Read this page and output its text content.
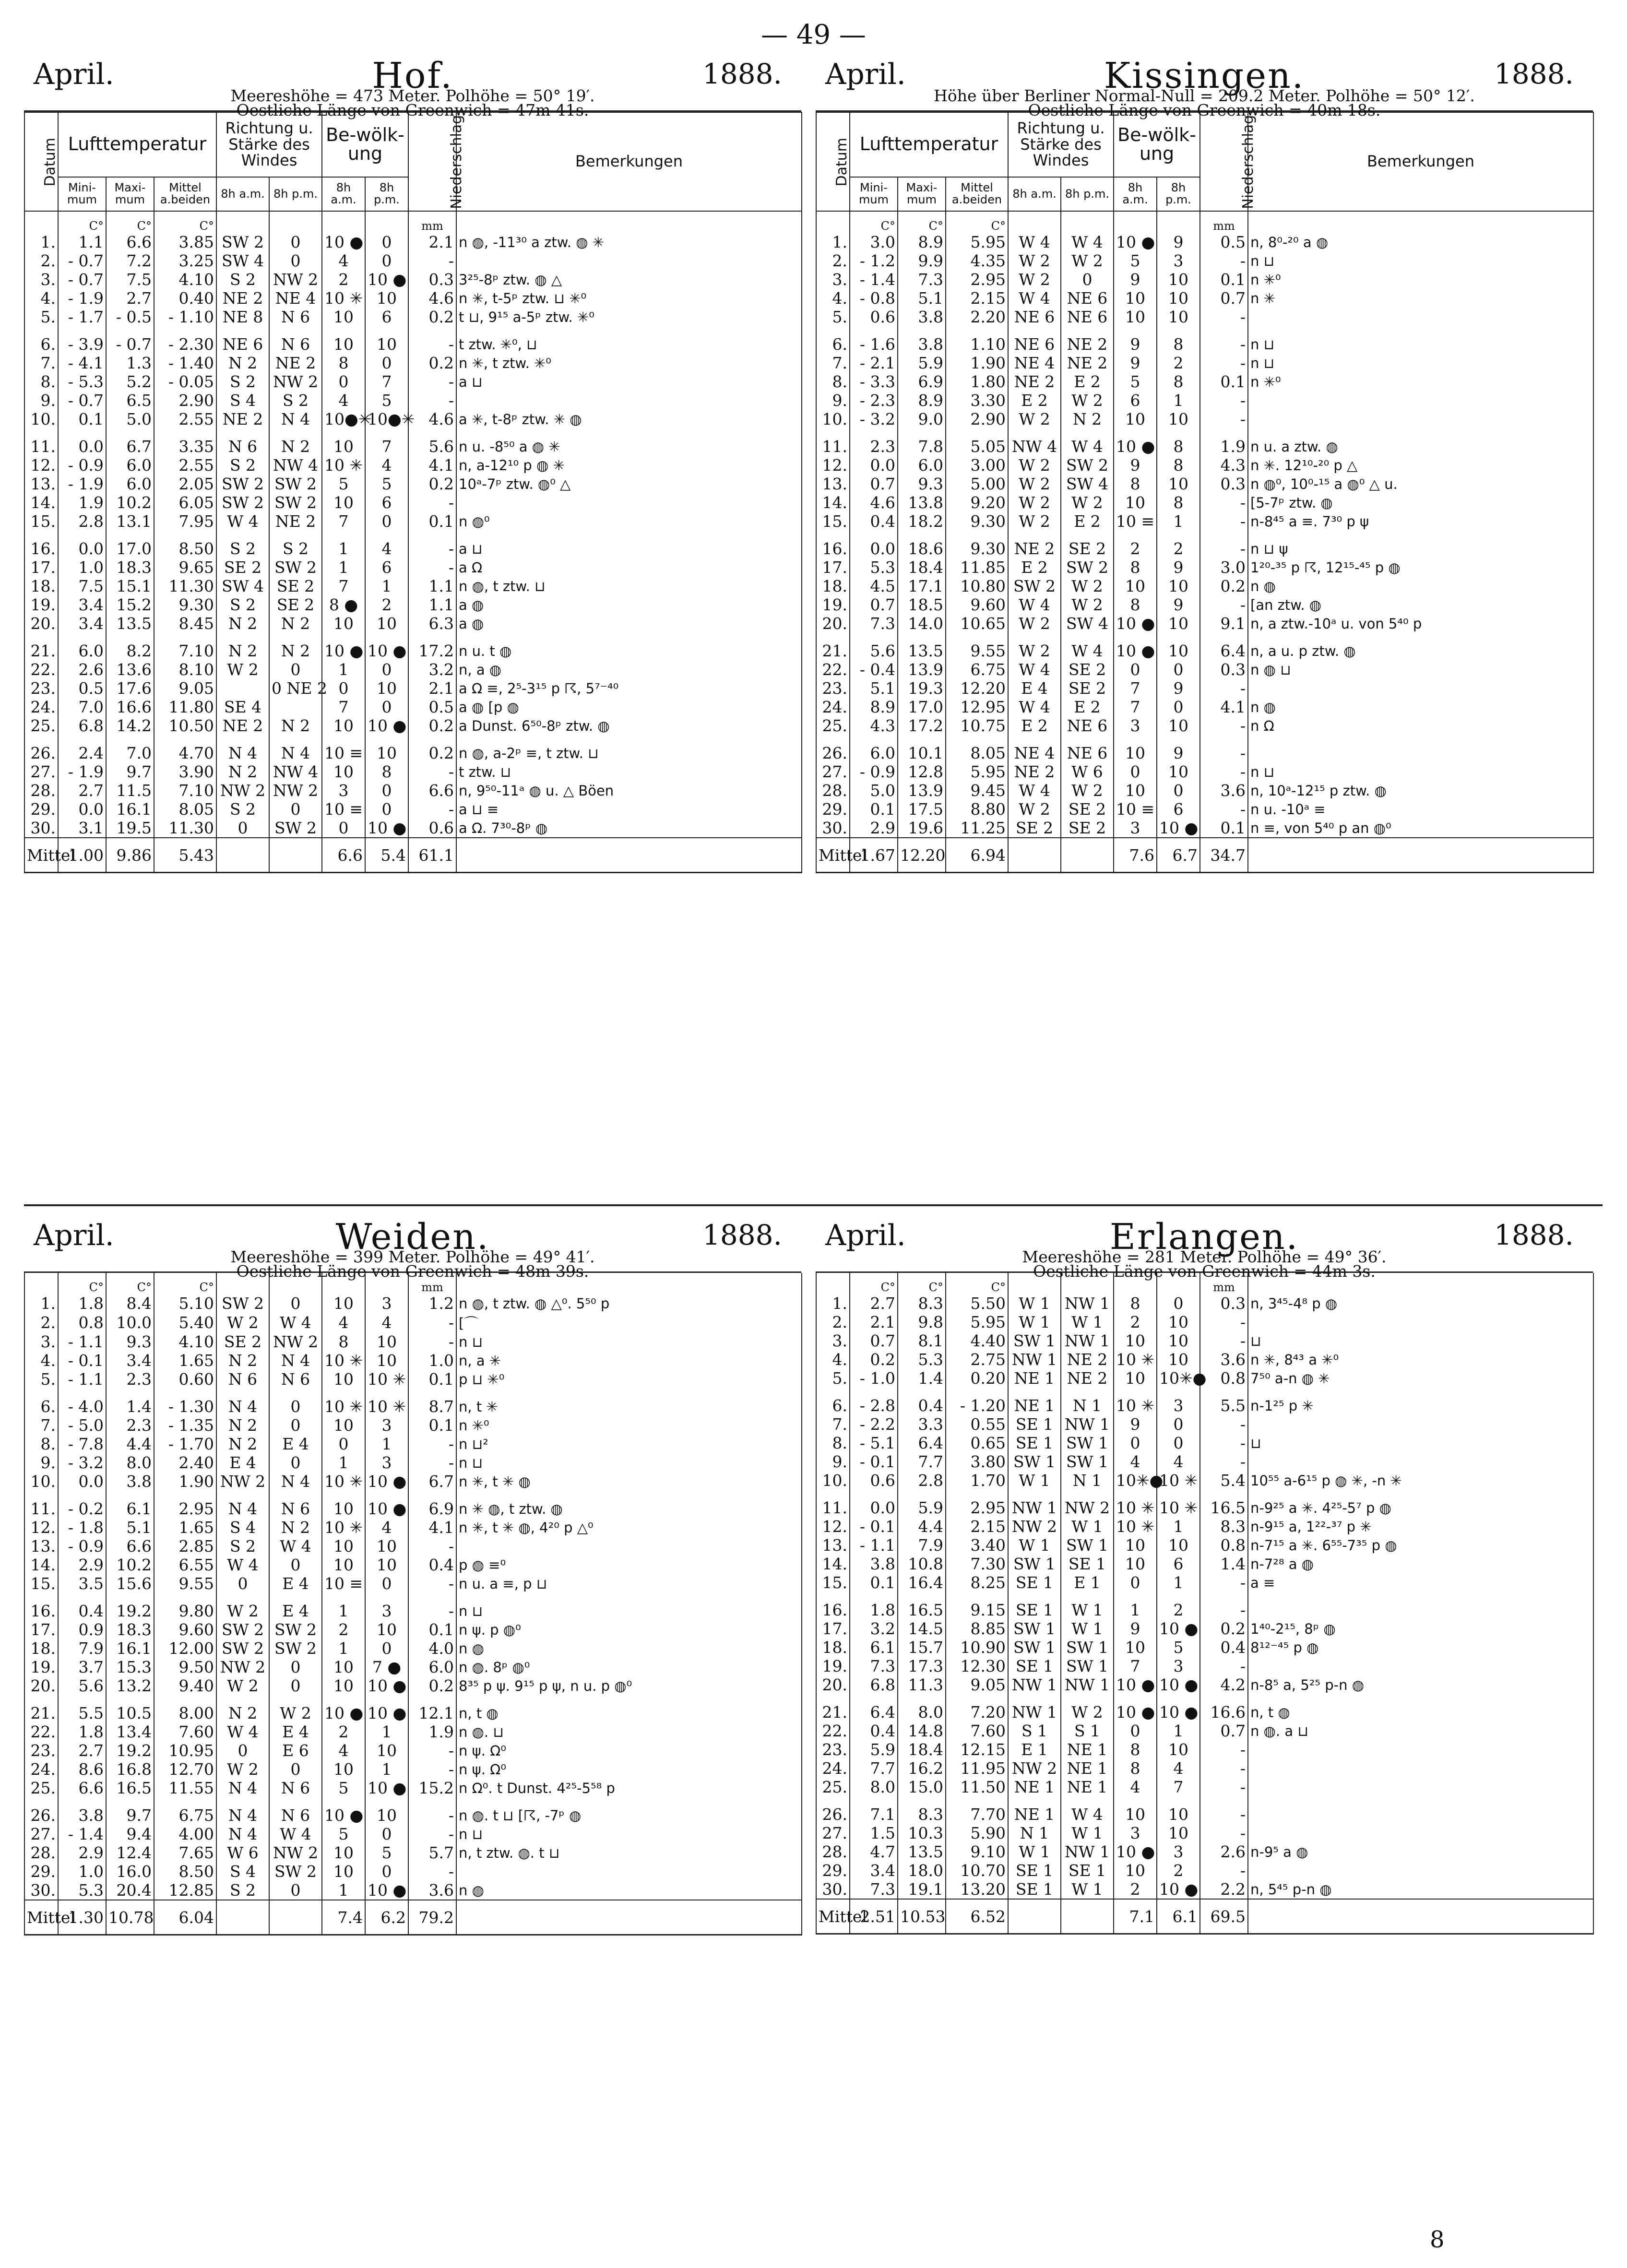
— 49 —
April.	Hof.	1888.
Meereshöhe = 473 Meter. Polhöhe = 50° 19′.
Oestliche Länge von Greenwich = 47m 41s.
Datum	Lufttemperatur			Richtung u. Stärke des Windes		Be-wölk-ung		Niederschlag	Bemerkungen
	Mini-mum	Maxi-mum	Mittel a.beiden	8h a.m.	8h p.m.	8h a.m.	8h p.m.		
	C°	C°	C°					mm	
1.	1.1	6.6	3.85	SW 2	0	10 ●	0	2.1	n ◍, -11³⁰ a ztw. ◍ ✳
2.	- 0.7	7.2	3.25	SW 4	0	4	0	-	
3.	- 0.7	7.5	4.10	S 2	NW 2	2	10 ●	0.3	3²⁵-8ᵖ ztw. ◍ △
4.	- 1.9	2.7	0.40	NE 2	NE 4	10 ✳	10	4.6	n ✳, t-5ᵖ ztw. ⊔ ✳⁰
5.	- 1.7	- 0.5	- 1.10	NE 8	N 6	10	6	0.2	t ⊔, 9¹⁵ a-5ᵖ ztw. ✳⁰

6.	- 3.9	- 0.7	- 2.30	NE 6	N 6	10	10	-	t ztw. ✳⁰, ⊔
7.	- 4.1	1.3	- 1.40	N 2	NE 2	8	0	0.2	n ✳, t ztw. ✳⁰
8.	- 5.3	5.2	- 0.05	S 2	NW 2	0	7	-	a ⊔
9.	- 0.7	6.5	2.90	S 4	S 2	4	5	-	
10.	0.1	5.0	2.55	NE 2	N 4	10●✳	10●✳	4.6	a ✳, t-8ᵖ ztw. ✳ ◍

11.	0.0	6.7	3.35	N 6	N 2	10	7	5.6	n u. -8⁵⁰ a ◍ ✳
12.	- 0.9	6.0	2.55	S 2	NW 4	10 ✳	4	4.1	n, a-12¹⁰ p ◍ ✳
13.	- 1.9	6.0	2.05	SW 2	SW 2	5	5	0.2	10ᵃ-7ᵖ ztw. ◍⁰ △
14.	1.9	10.2	6.05	SW 2	SW 2	10	6	-	
15.	2.8	13.1	7.95	W 4	NE 2	7	0	0.1	n ◍⁰

16.	0.0	17.0	8.50	S 2	S 2	1	4	-	a ⊔
17.	1.0	18.3	9.65	SE 2	SW 2	1	6	-	a Ω
18.	7.5	15.1	11.30	SW 4	SE 2	7	1	1.1	n ◍, t ztw. ⊔
19.	3.4	15.2	9.30	S 2	SE 2	8 ●	2	1.1	a ◍
20.	3.4	13.5	8.45	N 2	N 2	10	10	6.3	a ◍

21.	6.0	8.2	7.10	N 2	N 2	10 ●	10 ●	17.2	n u. t ◍
22.	2.6	13.6	8.10	W 2	0	1	0	3.2	n, a ◍
23.	0.5	17.6	9.05		0 NE 2	0	10	2.1	a Ω ≡, 2⁵-3¹⁵ p ☈, 5⁷⁻⁴⁰
24.	7.0	16.6	11.80	SE 4		7	0	0.5	a ◍ [p ◍
25.	6.8	14.2	10.50	NE 2	N 2	10	10 ●	0.2	a Dunst. 6⁵⁰-8ᵖ ztw. ◍

26.	2.4	7.0	4.70	N 4	N 4	10 ≡	10	0.2	n ◍, a-2ᵖ ≡, t ztw. ⊔
27.	- 1.9	9.7	3.90	N 2	NW 4	10	8	-	t ztw. ⊔
28.	2.7	11.5	7.10	NW 2	NW 2	3	0	6.6	n, 9⁵⁰-11ᵃ ◍ u. △ Böen
29.	0.0	16.1	8.05	S 2	0	10 ≡	0	-	a ⊔ ≡
30.	3.1	19.5	11.30	0	SW 2	0	10 ●	0.6	a Ω. 7³⁰-8ᵖ ◍
Mittel	1.00	9.86	5.43			6.6	5.4	61.1	
April.	Kissingen.	1888.
Höhe über Berliner Normal-Null = 209.2 Meter. Polhöhe = 50° 12′.
Oestliche Länge von Greenwich = 40m 18s.
Datum	Lufttemperatur			Richtung u. Stärke des Windes		Be-wölk-ung		Niederschlag	Bemerkungen
	Mini-mum	Maxi-mum	Mittel a.beiden	8h a.m.	8h p.m.	8h a.m.	8h p.m.		
	C°	C°	C°					mm	
1.	3.0	8.9	5.95	W 4	W 4	10 ●	9	0.5	n, 8⁰-²⁰ a ◍
2.	- 1.2	9.9	4.35	W 2	W 2	5	3	-	n ⊔
3.	- 1.4	7.3	2.95	W 2	0	9	10	0.1	n ✳⁰
4.	- 0.8	5.1	2.15	W 4	NE 6	10	10	0.7	n ✳
5.	0.6	3.8	2.20	NE 6	NE 6	10	10	-	

6.	- 1.6	3.8	1.10	NE 6	NE 2	9	8	-	n ⊔
7.	- 2.1	5.9	1.90	NE 4	NE 2	9	2	-	n ⊔
8.	- 3.3	6.9	1.80	NE 2	E 2	5	8	0.1	n ✳⁰
9.	- 2.3	8.9	3.30	E 2	W 2	6	1	-	
10.	- 3.2	9.0	2.90	W 2	N 2	10	10	-	

11.	2.3	7.8	5.05	NW 4	W 4	10 ●	8	1.9	n u. a ztw. ◍
12.	0.0	6.0	3.00	W 2	SW 2	9	8	4.3	n ✳. 12¹⁰-²⁰ p △
13.	0.7	9.3	5.00	W 2	SW 4	8	10	0.3	n ◍⁰, 10⁰-¹⁵ a ◍⁰ △ u.
14.	4.6	13.8	9.20	W 2	W 2	10	8	-	[5-7ᵖ ztw. ◍
15.	0.4	18.2	9.30	W 2	E 2	10 ≡	1	-	n-8⁴⁵ a ≡. 7³⁰ p ψ

16.	0.0	18.6	9.30	NE 2	SE 2	2	2	-	n ⊔ ψ
17.	5.3	18.4	11.85	E 2	SW 2	8	9	3.0	1²⁰-³⁵ p ☈, 12¹⁵-⁴⁵ p ◍
18.	4.5	17.1	10.80	SW 2	W 2	10	10	0.2	n ◍
19.	0.7	18.5	9.60	W 4	W 2	8	9	-	[an ztw. ◍
20.	7.3	14.0	10.65	W 2	SW 4	10 ●	10	9.1	n, a ztw.-10ᵃ u. von 5⁴⁰ p

21.	5.6	13.5	9.55	W 2	W 4	10 ●	10	6.4	n, a u. p ztw. ◍
22.	- 0.4	13.9	6.75	W 4	SE 2	0	0	0.3	n ◍ ⊔
23.	5.1	19.3	12.20	E 4	SE 2	7	9	-	
24.	8.9	17.0	12.95	W 4	E 2	7	0	4.1	n ◍
25.	4.3	17.2	10.75	E 2	NE 6	3	10	-	n Ω

26.	6.0	10.1	8.05	NE 4	NE 6	10	9	-	
27.	- 0.9	12.8	5.95	NE 2	W 6	0	10	-	n ⊔
28.	5.0	13.9	9.45	W 4	W 2	10	0	3.6	n, 10ᵃ-12¹⁵ p ztw. ◍
29.	0.1	17.5	8.80	W 2	SE 2	10 ≡	6	-	n u. -10ᵃ ≡
30.	2.9	19.6	11.25	SE 2	SE 2	3	10 ●	0.1	n ≡, von 5⁴⁰ p an ◍⁰
Mittel	1.67	12.20	6.94			7.6	6.7	34.7	
April.	Weiden.	1888.
Meereshöhe = 399 Meter. Polhöhe = 49° 41′.
Oestliche Länge von Greenwich = 48m 39s.
	C°	C°	C°					mm	
1.	1.8	8.4	5.10	SW 2	0	10	3	1.2	n ◍, t ztw. ◍ △⁰. 5⁵⁰ p
2.	0.8	10.0	5.40	W 2	W 4	4	4	-	[⌒
3.	- 1.1	9.3	4.10	SE 2	NW 2	8	10	-	n ⊔
4.	- 0.1	3.4	1.65	N 2	N 4	10 ✳	10	1.0	n, a ✳
5.	- 1.1	2.3	0.60	N 6	N 6	10	10 ✳	0.1	p ⊔ ✳⁰

6.	- 4.0	1.4	- 1.30	N 4	0	10 ✳	10 ✳	8.7	n, t ✳
7.	- 5.0	2.3	- 1.35	N 2	0	10	3	0.1	n ✳⁰
8.	- 7.8	4.4	- 1.70	N 2	E 4	0	1	-	n ⊔²
9.	- 3.2	8.0	2.40	E 4	0	1	3	-	n ⊔
10.	0.0	3.8	1.90	NW 2	N 4	10 ✳	10 ●	6.7	n ✳, t ✳ ◍

11.	- 0.2	6.1	2.95	N 4	N 6	10	10 ●	6.9	n ✳ ◍, t ztw. ◍
12.	- 1.8	5.1	1.65	S 4	N 2	10 ✳	4	4.1	n ✳, t ✳ ◍, 4²⁰ p △⁰
13.	- 0.9	6.6	2.85	S 2	W 4	10	10	-	
14.	2.9	10.2	6.55	W 4	0	10	10	0.4	p ◍ ≡⁰
15.	3.5	15.6	9.55	0	E 4	10 ≡	0	-	n u. a ≡, p ⊔

16.	0.4	19.2	9.80	W 2	E 4	1	3	-	n ⊔
17.	0.9	18.3	9.60	SW 2	SW 2	2	10	0.1	n ψ. p ◍⁰
18.	7.9	16.1	12.00	SW 2	SW 2	1	0	4.0	n ◍
19.	3.7	15.3	9.50	NW 2	0	10	7 ●	6.0	n ◍. 8ᵖ ◍⁰
20.	5.6	13.2	9.40	W 2	0	10	10 ●	0.2	8³⁵ p ψ. 9¹⁵ p ψ, n u. p ◍⁰

21.	5.5	10.5	8.00	N 2	W 2	10 ●	10 ●	12.1	n, t ◍
22.	1.8	13.4	7.60	W 4	E 4	2	1	1.9	n ◍. ⊔
23.	2.7	19.2	10.95	0	E 6	4	10	-	n ψ. Ω⁰
24.	8.6	16.8	12.70	W 2	0	10	1	-	n ψ. Ω⁰
25.	6.6	16.5	11.55	N 4	N 6	5	10 ●	15.2	n Ω⁰. t Dunst. 4²⁵-5⁵⁸ p

26.	3.8	9.7	6.75	N 4	N 6	10 ●	10	-	n ◍. t ⊔ [☈, -7ᵖ ◍
27.	- 1.4	9.4	4.00	N 4	W 4	5	0	-	n ⊔
28.	2.9	12.4	7.65	W 6	NW 2	10	5	5.7	n, t ztw. ◍. t ⊔
29.	1.0	16.0	8.50	S 4	SW 2	10	0	-	
30.	5.3	20.4	12.85	S 2	0	1	10 ●	3.6	n ◍
Mittel	1.30	10.78	6.04			7.4	6.2	79.2	
April.	Erlangen.	1888.
Meereshöhe = 281 Meter. Polhöhe = 49° 36′.
Oestliche Länge von Greenwich = 44m 3s.
	C°	C°	C°					mm	
1.	2.7	8.3	5.50	W 1	NW 1	8	0	0.3	n, 3⁴⁵-4⁸ p ◍
2.	2.1	9.8	5.95	W 1	W 1	2	10	-	
3.	0.7	8.1	4.40	SW 1	NW 1	10	10	-	⊔
4.	0.2	5.3	2.75	NW 1	NE 2	10 ✳	10	3.6	n ✳, 8⁴³ a ✳⁰
5.	- 1.0	1.4	0.20	NE 1	NE 2	10	10✳●	0.8	7⁵⁰ a-n ◍ ✳

6.	- 2.8	0.4	- 1.20	NE 1	N 1	10 ✳	3	5.5	n-1²⁵ p ✳
7.	- 2.2	3.3	0.55	SE 1	NW 1	9	0	-	
8.	- 5.1	6.4	0.65	SE 1	SW 1	0	0	-	⊔
9.	- 0.1	7.7	3.80	SW 1	SW 1	4	4	-	
10.	0.6	2.8	1.70	W 1	N 1	10✳●	10 ✳	5.4	10⁵⁵ a-6¹⁵ p ◍ ✳, -n ✳

11.	0.0	5.9	2.95	NW 1	NW 2	10 ✳	10 ✳	16.5	n-9²⁵ a ✳. 4²⁵-5⁷ p ◍
12.	- 0.1	4.4	2.15	NW 2	W 1	10 ✳	1	8.3	n-9¹⁵ a, 1²²-³⁷ p ✳
13.	- 1.1	7.9	3.40	W 1	SW 1	10	10	0.8	n-7¹⁵ a ✳. 6⁵⁵-7³⁵ p ◍
14.	3.8	10.8	7.30	SW 1	SE 1	10	6	1.4	n-7²⁸ a ◍
15.	0.1	16.4	8.25	SE 1	E 1	0	1	-	a ≡

16.	1.8	16.5	9.15	SE 1	W 1	1	2	-	
17.	3.2	14.5	8.85	SW 1	W 1	9	10 ●	0.2	1⁴⁰-2¹⁵, 8ᵖ ◍
18.	6.1	15.7	10.90	SW 1	SW 1	10	5	0.4	8¹²⁻⁴⁵ p ◍
19.	7.3	17.3	12.30	SE 1	SW 1	7	3	-	
20.	6.8	11.3	9.05	NW 1	NW 1	10 ●	10 ●	4.2	n-8⁵ a, 5²⁵ p-n ◍

21.	6.4	8.0	7.20	NW 1	W 2	10 ●	10 ●	16.6	n, t ◍
22.	0.4	14.8	7.60	S 1	S 1	0	1	0.7	n ◍. a ⊔
23.	5.9	18.4	12.15	E 1	NE 1	8	10	-	
24.	7.7	16.2	11.95	NW 2	NE 1	8	4	-	
25.	8.0	15.0	11.50	NE 1	NE 1	4	7	-	

26.	7.1	8.3	7.70	NE 1	W 4	10	10	-	
27.	1.5	10.3	5.90	N 1	W 1	3	10	-	
28.	4.7	13.5	9.10	W 1	NW 1	10 ●	3	2.6	n-9⁵ a ◍
29.	3.4	18.0	10.70	SE 1	SE 1	10	2	-	
30.	7.3	19.1	13.20	SE 1	W 1	2	10 ●	2.2	n, 5⁴⁵ p-n ◍
Mittel	2.51	10.53	6.52			7.1	6.1	69.5	
8
